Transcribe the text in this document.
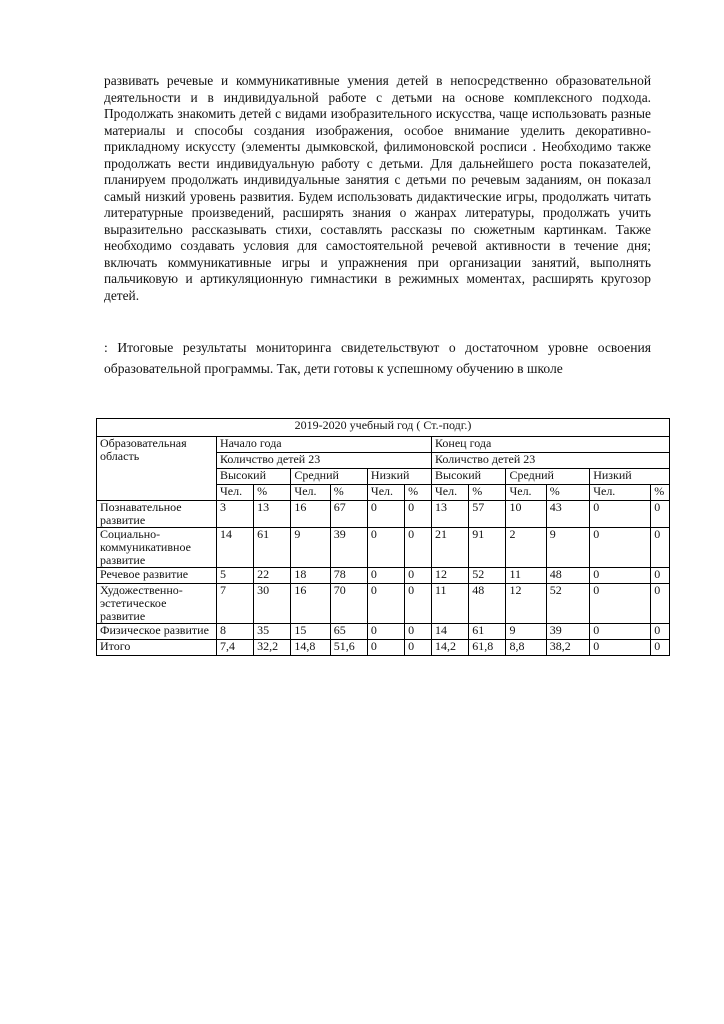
развивать речевые и коммуникативные умения детей в непосредственно образовательной деятельности и в индивидуальной работе с детьми на основе комплексного подхода. Продолжать знакомить детей с видами изобразительного искусства, чаще использовать разные материалы и способы создания изображения, особое внимание уделить декоративно-прикладному искуссту (элементы дымковской, филимоновской росписи . Необходимо также продолжать вести индивидуальную работу с детьми. Для дальнейшего роста показателей, планируем продолжать индивидуальные занятия с детьми по речевым заданиям, он показал самый низкий уровень развития. Будем использовать дидактические игры, продолжать читать литературные произведений, расширять знания о жанрах литературы, продолжать учить выразительно рассказывать стихи, составлять рассказы по сюжетным картинкам. Также необходимо создавать условия для самостоятельной речевой активности в течение дня; включать коммуникативные игры и упражнения при организации занятий, выполнять пальчиковую и артикуляционную гимнастики в режимных моментах, расширять кругозор детей.

: Итоговые результаты мониторинга свидетельствуют о достаточном уровне освоения образовательной программы. Так, дети готовы к успешному обучению в школе

2019-2020 учебный год ( Ст.-подг.)												
Образовательная область	Начало года						Конец года					
	Количство детей 23						Количство детей 23					
	Высокий		Средний		Низкий		Высокий		Средний		Низкий	
	Чел.	%	Чел.	%	Чел.	%	Чел.	%	Чел.	%	Чел.	%
Познавательное развитие	3	13	16	67	0	0	13	57	10	43	0	0
Социально-коммуникативное развитие	14	61	9	39	0	0	21	91	2	9	0	0
Речевое развитие	5	22	18	78	0	0	12	52	11	48	0	0
Художественно-эстетическое развитие	7	30	16	70	0	0	11	48	12	52	0	0
Физическое развитие	8	35	15	65	0	0	14	61	9	39	0	0
Итого	7,4	32,2	14,8	51,6	0	0	14,2	61,8	8,8	38,2	0	0
